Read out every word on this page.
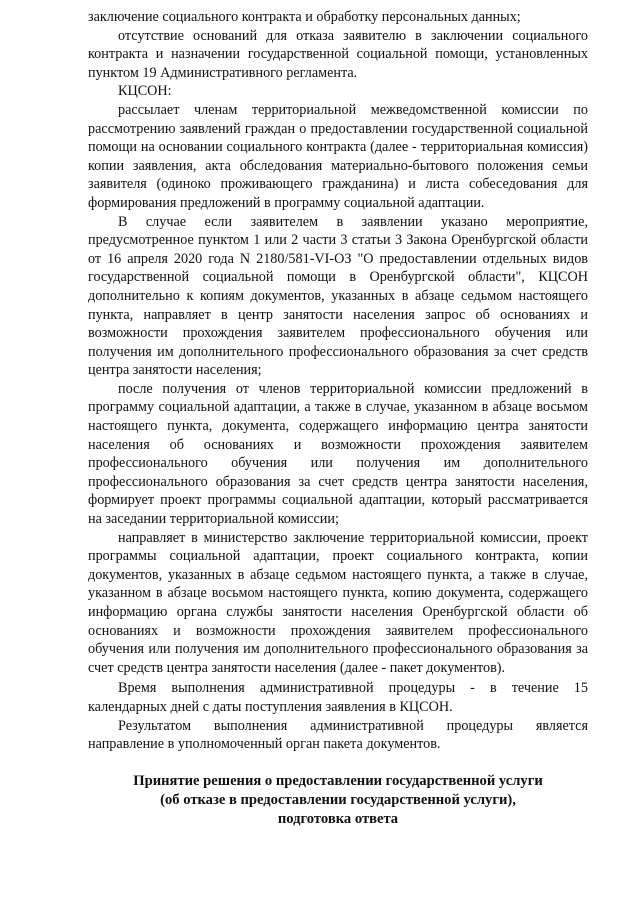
заключение социального контракта и обработку персональных данных;

отсутствие оснований для отказа заявителю в заключении социального контракта и назначении государственной социальной помощи, установленных пунктом 19 Административного регламента.

КЦСОН:

рассылает членам территориальной межведомственной комиссии по рассмотрению заявлений граждан о предоставлении государственной социальной помощи на основании социального контракта (далее - территориальная комиссия) копии заявления, акта обследования материально-бытового положения семьи заявителя (одиноко проживающего гражданина) и листа собеседования для формирования предложений в программу социальной адаптации.

В случае если заявителем в заявлении указано мероприятие, предусмотренное пунктом 1 или 2 части 3 статьи 3 Закона Оренбургской области от 16 апреля 2020 года N 2180/581-VI-ОЗ "О предоставлении отдельных видов государственной социальной помощи в Оренбургской области", КЦСОН дополнительно к копиям документов, указанных в абзаце седьмом настоящего пункта, направляет в центр занятости населения запрос об основаниях и возможности прохождения заявителем профессионального обучения или получения им дополнительного профессионального образования за счет средств центра занятости населения;

после получения от членов территориальной комиссии предложений в программу социальной адаптации, а также в случае, указанном в абзаце восьмом настоящего пункта, документа, содержащего информацию центра занятости населения об основаниях и возможности прохождения заявителем профессионального обучения или получения им дополнительного профессионального образования за счет средств центра занятости населения, формирует проект программы социальной адаптации, который рассматривается на заседании территориальной комиссии;

направляет в министерство заключение территориальной комиссии, проект программы социальной адаптации, проект социального контракта, копии документов, указанных в абзаце седьмом настоящего пункта, а также в случае, указанном в абзаце восьмом настоящего пункта, копию документа, содержащего информацию органа службы занятости населения Оренбургской области об основаниях и возможности прохождения заявителем профессионального обучения или получения им дополнительного профессионального образования за счет средств центра занятости населения (далее - пакет документов).

Время выполнения административной процедуры - в течение 15 календарных дней с даты поступления заявления в КЦСОН.

Результатом выполнения административной процедуры является направление в уполномоченный орган пакета документов.

Принятие решения о предоставлении государственной услуги
(об отказе в предоставлении государственной услуги),
подготовка ответа
